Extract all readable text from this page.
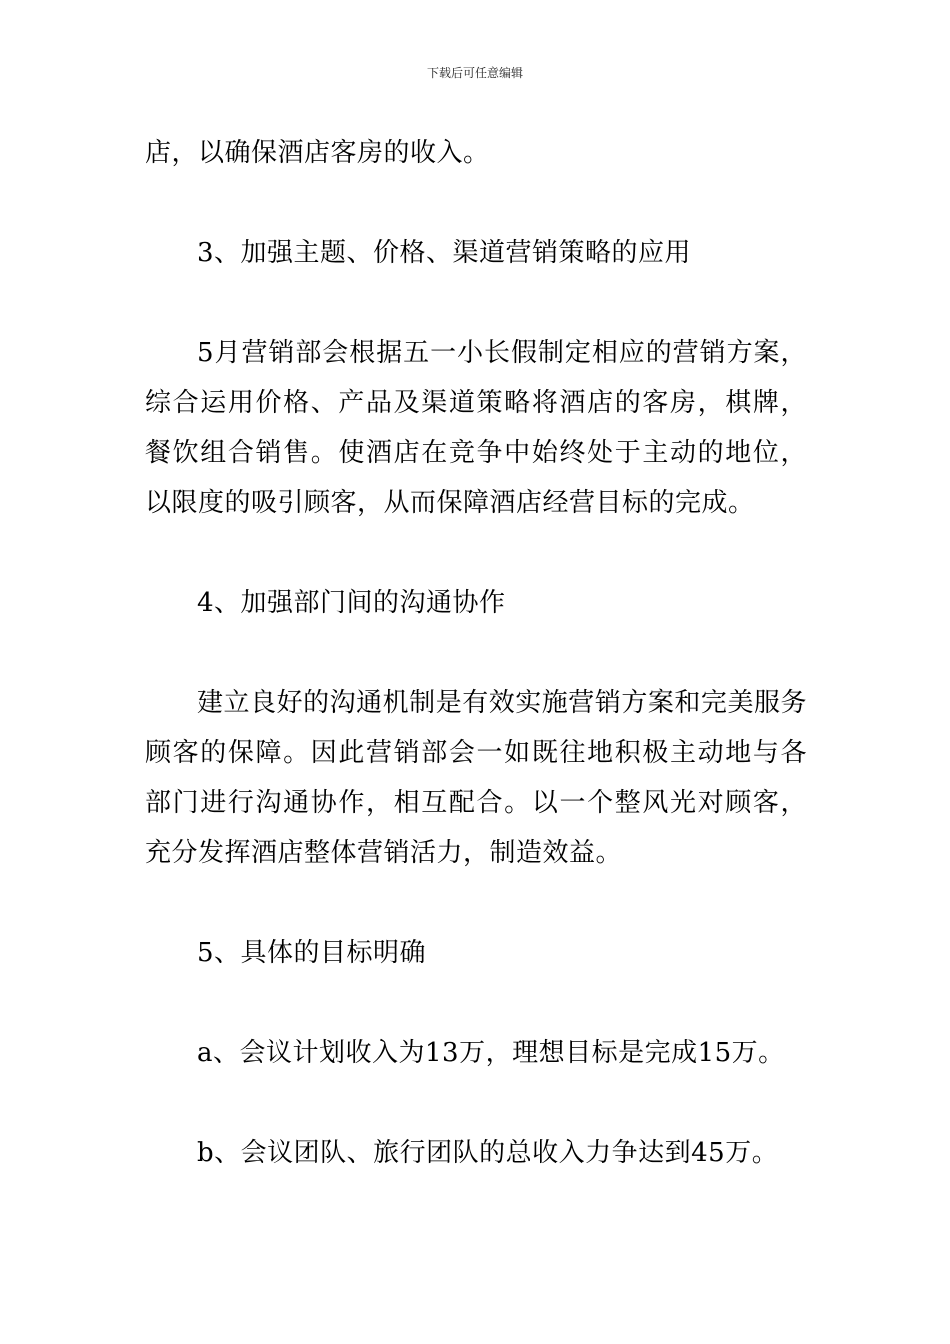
下载后可任意编辑

店，以确保酒店客房的收入。

3、加强主题、价格、渠道营销策略的应用

5月营销部会根据五一小长假制定相应的营销方案，综合运用价格、产品及渠道策略将酒店的客房，棋牌，餐饮组合销售。使酒店在竞争中始终处于主动的地位，以限度的吸引顾客，从而保障酒店经营目标的完成。

4、加强部门间的沟通协作

建立良好的沟通机制是有效实施营销方案和完美服务顾客的保障。因此营销部会一如既往地积极主动地与各部门进行沟通协作，相互配合。以一个整风光对顾客，充分发挥酒店整体营销活力，制造效益。

5、具体的目标明确

a、会议计划收入为13万，理想目标是完成15万。

b、会议团队、旅行团队的总收入力争达到45万。
